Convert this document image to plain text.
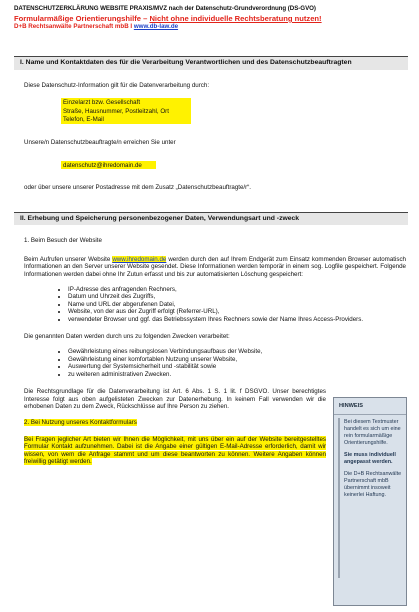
DATENSCHUTZERKLÄRUNG WEBSITE PRAXIS/MVZ nach der Datenschutz-Grundverordnung (DS-GVO)
Formularmäßige Orientierungshilfe – Nicht ohne individuelle Rechtsberatung nutzen!
D+B Rechtsanwälte Partnerschaft mbB I www.db-law.de
I. Name und Kontaktdaten des für die Verarbeitung Verantwortlichen und des Datenschutzbeauftragten

Diese Datenschutz-Information gilt für die Datenverarbeitung durch:

Einzelarzt bzw. Gesellschaft
Straße, Hausnummer, Postleitzahl, Ort
Telefon, E-Mail

Unsere/n Datenschutzbeauftragte/n erreichen Sie unter

datenschutz@ihredomain.de

oder über unsere unserer Postadresse mit dem Zusatz „Datenschutzbeauftragte/r“.

II. Erhebung und Speicherung personenbezogener Daten, Verwendungsart und -zweck

1. Beim Besuch der Website

Beim Aufrufen unserer Website www.ihredomain.de werden durch den auf Ihrem Endgerät zum Einsatz kommenden Browser automatisch Informationen an den Server unserer Website gesendet. Diese Informationen werden temporär in einem sog. Logfile gespeichert. Folgende Informationen werden dabei ohne Ihr Zutun erfasst und bis zur automatisierten Löschung gespeichert:

• IP-Adresse des anfragenden Rechners,
• Datum und Uhrzeit des Zugriffs,
• Name und URL der abgerufenen Datei,
• Website, von der aus der Zugriff erfolgt (Referrer-URL),
• verwendeter Browser und ggf. das Betriebssystem Ihres Rechners sowie der Name Ihres Access-Providers.

Die genannten Daten werden durch uns zu folgenden Zwecken verarbeitet:

• Gewährleistung eines reibungslosen Verbindungsaufbaus der Website,
• Gewährleistung einer komfortablen Nutzung unserer Website,
• Auswertung der Systemsicherheit und -stabilität sowie
• zu weiteren administrativen Zwecken.

Die Rechtsgrundlage für die Datenverarbeitung ist Art. 6 Abs. 1 S. 1 lit. f DSGVO. Unser berechtigtes Interesse folgt aus oben aufgelisteten Zwecken zur Datenerhebung. In keinem Fall verwenden wir die erhobenen Daten zu dem Zweck, Rückschlüsse auf Ihre Person zu ziehen.

2. Bei Nutzung unseres Kontaktformulars

Bei Fragen jeglicher Art bieten wir Ihnen die Möglichkeit, mit uns über ein auf der Website bereitgestelltes Formular Kontakt aufzunehmen. Dabei ist die Angabe einer gültigen E-Mail-Adresse erforderlich, damit wir wissen, von wem die Anfrage stammt und um diese beantworten zu können. Weitere Angaben können freiwillig getätigt werden.

HINWEIS

Bei diesem Textmuster handelt es sich um eine rein formularmäßige Orientierungshilfe.

Sie muss individuell angepasst werden.

Die D+B Rechtsanwälte Partnerschaft mbB übernimmt insoweit keinerlei Haftung.
